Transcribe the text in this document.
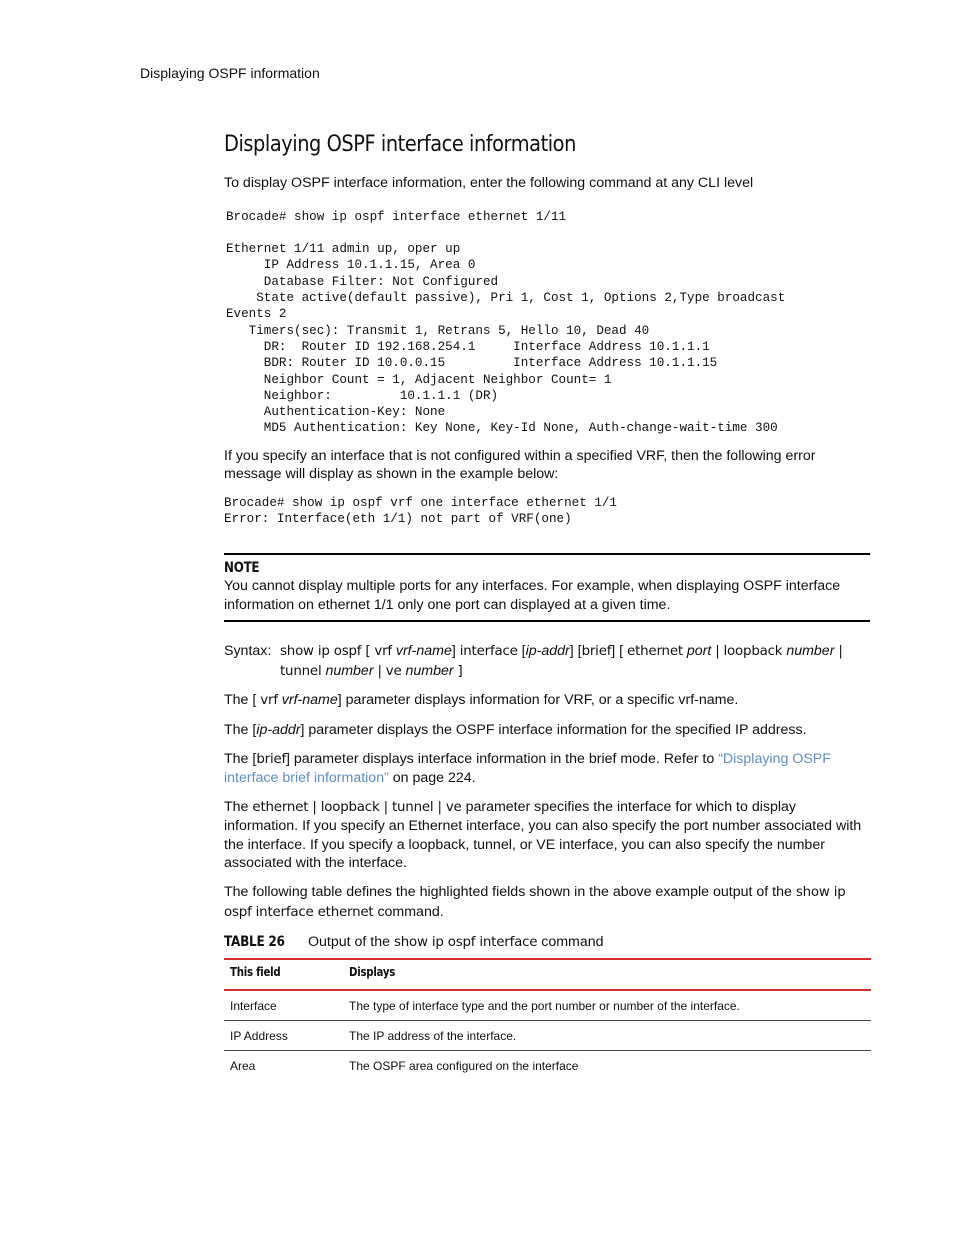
Displaying OSPF information
Displaying OSPF interface information

To display OSPF interface information, enter the following command at any CLI level

Brocade# show ip ospf interface ethernet 1/11

Ethernet 1/11 admin up, oper up
IP Address 10.1.1.15, Area 0
Database Filter: Not Configured
State active(default passive), Pri 1, Cost 1, Options 2,Type broadcast
Events 2
Timers(sec): Transmit 1, Retrans 5, Hello 10, Dead 40
DR:  Router ID 192.168.254.1     Interface Address 10.1.1.1
BDR: Router ID 10.0.0.15         Interface Address 10.1.1.15
Neighbor Count = 1, Adjacent Neighbor Count= 1
Neighbor:         10.1.1.1 (DR)
Authentication-Key: None
MD5 Authentication: Key None, Key-Id None, Auth-change-wait-time 300

If you specify an interface that is not configured within a specified VRF, then the following error message will display as shown in the example below:

Brocade# show ip ospf vrf one interface ethernet 1/1
Error: Interface(eth 1/1) not part of VRF(one)
NOTE

You cannot display multiple ports for any interfaces. For example, when displaying OSPF interface information on ethernet 1/1 only one port can displayed at a given time.

Syntax: show ip ospf [ vrf vrf-name] interface [ip-addr] [brief] [ ethernet port | loopback number | tunnel number | ve number ]

The [ vrf vrf-name] parameter displays information for VRF, or a specific vrf-name.

The [ip-addr] parameter displays the OSPF interface information for the specified IP address.

The [brief] parameter displays interface information in the brief mode. Refer to “Displaying OSPF interface brief information” on page 224.

The ethernet | loopback | tunnel | ve parameter specifies the interface for which to display information. If you specify an Ethernet interface, you can also specify the port number associated with the interface. If you specify a loopback, tunnel, or VE interface, you can also specify the number associated with the interface.

The following table defines the highlighted fields shown in the above example output of the show ip ospf interface ethernet command.

TABLE 26 Output of the show ip ospf interface command
This field	Displays
Interface	The type of interface type and the port number or number of the interface.
IP Address	The IP address of the interface.
Area	The OSPF area configured on the interface
